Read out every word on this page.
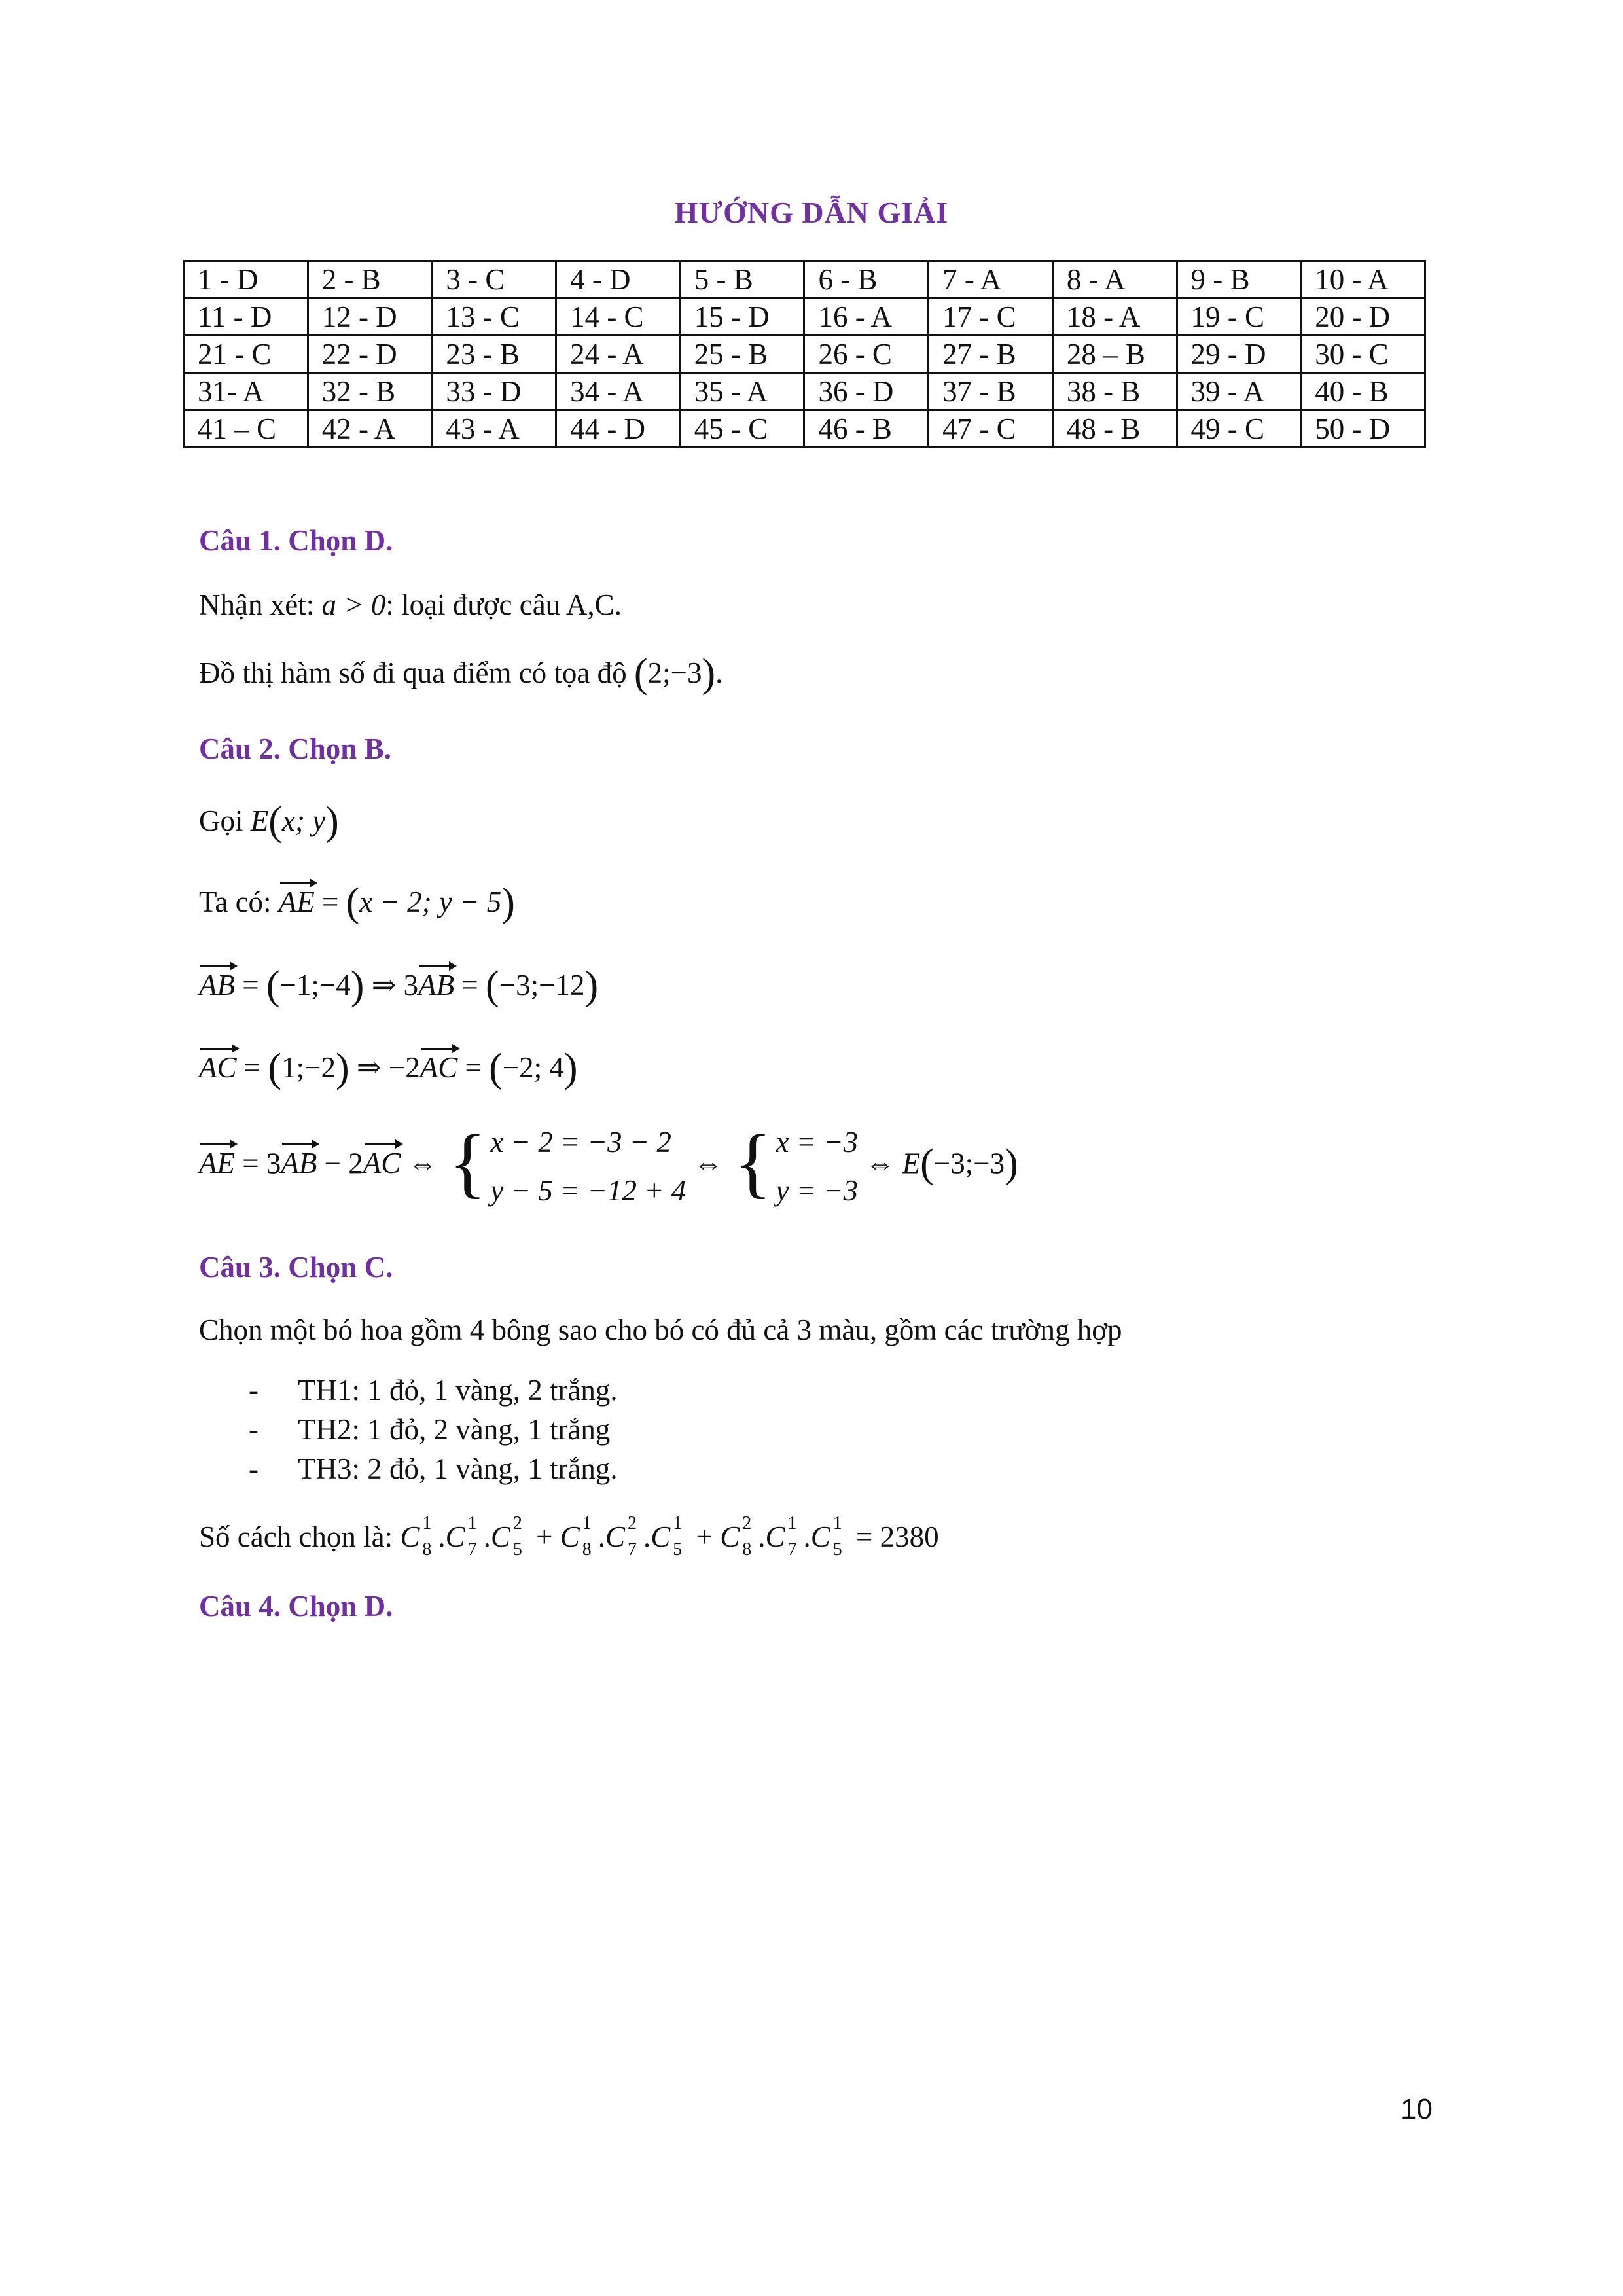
HƯỚNG DẪN GIẢI
1 - D	2 - B	3 - C	4 - D	5 - B	6 - B	7 - A	8 - A	9 - B	10 - A
11 - D	12 - D	13 - C	14 - C	15 - D	16 - A	17 - C	18 - A	19 - C	20 - D
21 - C	22 - D	23 - B	24 - A	25 - B	26 - C	27 - B	28 – B	29 - D	30 - C
31- A	32 - B	33 - D	34 - A	35 - A	36 - D	37 - B	38 - B	39 - A	40 - B
41 – C	42 - A	43 - A	44 - D	45 - C	46 - B	47 - C	48 - B	49 - C	50 - D
Câu 1. Chọn D.
Nhận xét: a > 0: loại được câu A,C.
Đồ thị hàm số đi qua điểm có tọa độ (2;−3).
Câu 2. Chọn B.
Gọi E(x; y)
Ta có: AE = (x − 2; y − 5)
AB = (−1;−4) ⇒ 3AB = (−3;−12)
AC = (1;−2) ⇒ −2AC = (−2; 4)
AE = 3AB − 2AC ⇔ { x − 2 = −3 − 2
y − 5 = −12 + 4
⇔ { x = −3
y = −3
⇔ E(−3;−3)
Câu 3. Chọn C.
Chọn một bó hoa gồm 4 bông sao cho bó có đủ cả 3 màu, gồm các trường hợp
- TH1: 1 đỏ, 1 vàng, 2 trắng.
- TH2: 1 đỏ, 2 vàng, 1 trắng
- TH3: 2 đỏ, 1 vàng, 1 trắng.
Số cách chọn là: C 1
8 .C 1
7 .C 2
5 + C 1
8 .C 2
7 .C 1
5 + C 2
8 .C 1
7 .C 1
5 = 2380
Câu 4. Chọn D.
10
